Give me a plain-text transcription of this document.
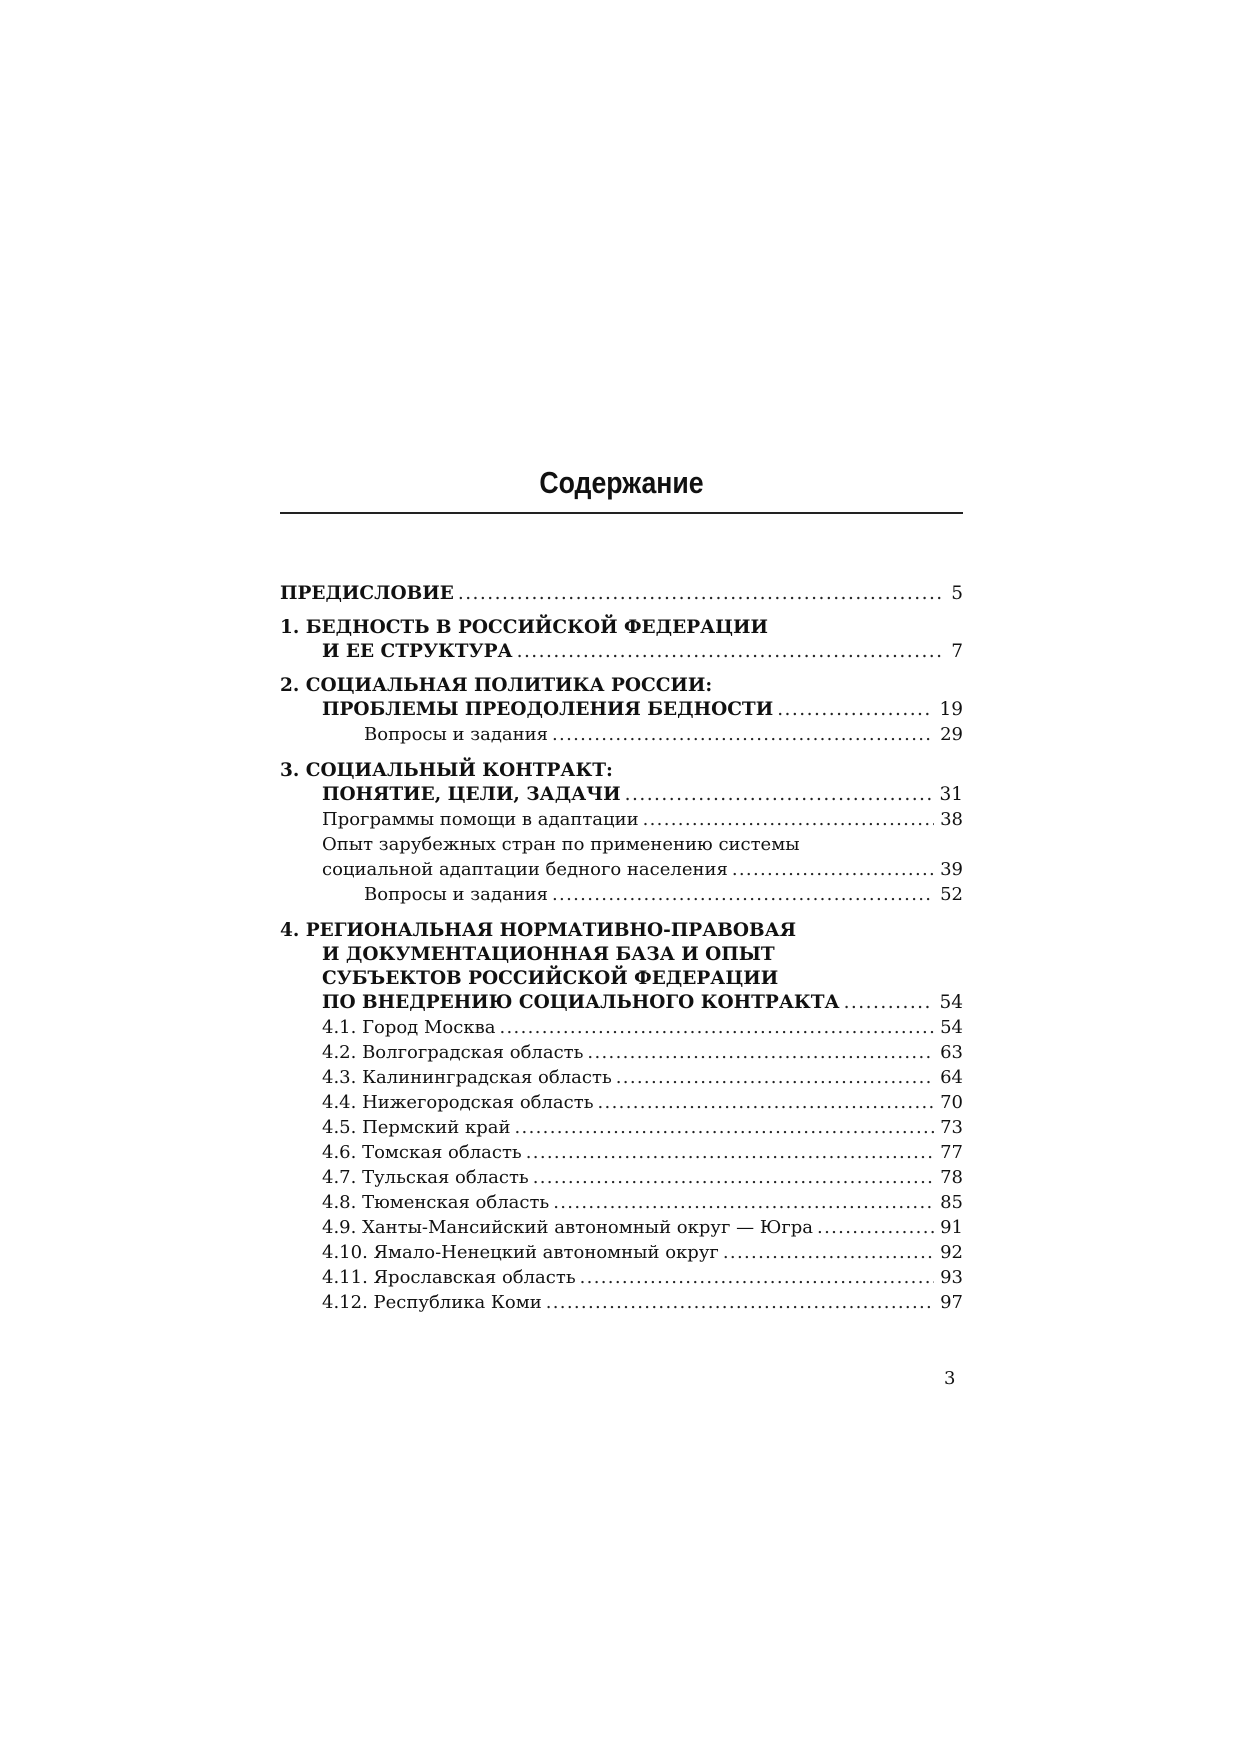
Содержание
ПРЕДИСЛОВИЕ . . .	5
1. БЕДНОСТЬ В РОССИЙСКОЙ ФЕДЕРАЦИИ
И ЕЕ СТРУКТУРА . . .	7
2. СОЦИАЛЬНАЯ ПОЛИТИКА РОССИИ:
ПРОБЛЕМЫ ПРЕОДОЛЕНИЯ БЕДНОСТИ . . .	19
Вопросы и задания . . .	29
3. СОЦИАЛЬНЫЙ КОНТРАКТ:
ПОНЯТИЕ, ЦЕЛИ, ЗАДАЧИ . . .	31
Программы помощи в адаптации . . .	38
Опыт зарубежных стран по применению системы
социальной адаптации бедного населения . . .	39
Вопросы и задания . . .	52
4. РЕГИОНАЛЬНАЯ НОРМАТИВНО-ПРАВОВАЯ
И ДОКУМЕНТАЦИОННАЯ БАЗА И ОПЫТ
СУБЪЕКТОВ РОССИЙСКОЙ ФЕДЕРАЦИИ
ПО ВНЕДРЕНИЮ СОЦИАЛЬНОГО КОНТРАКТА . . .	54
4.1. Город Москва . . .	54
4.2. Волгоградская область . . .	63
4.3. Калининградская область . . .	64
4.4. Нижегородская область . . .	70
4.5. Пермский край . . .	73
4.6. Томская область . . .	77
4.7. Тульская область . . .	78
4.8. Тюменская область . . .	85
4.9. Ханты-Мансийский автономный округ — Югра . . .	91
4.10. Ямало-Ненецкий автономный округ . . .	92
4.11. Ярославская область . . .	93
4.12. Республика Коми . . .	97
3
